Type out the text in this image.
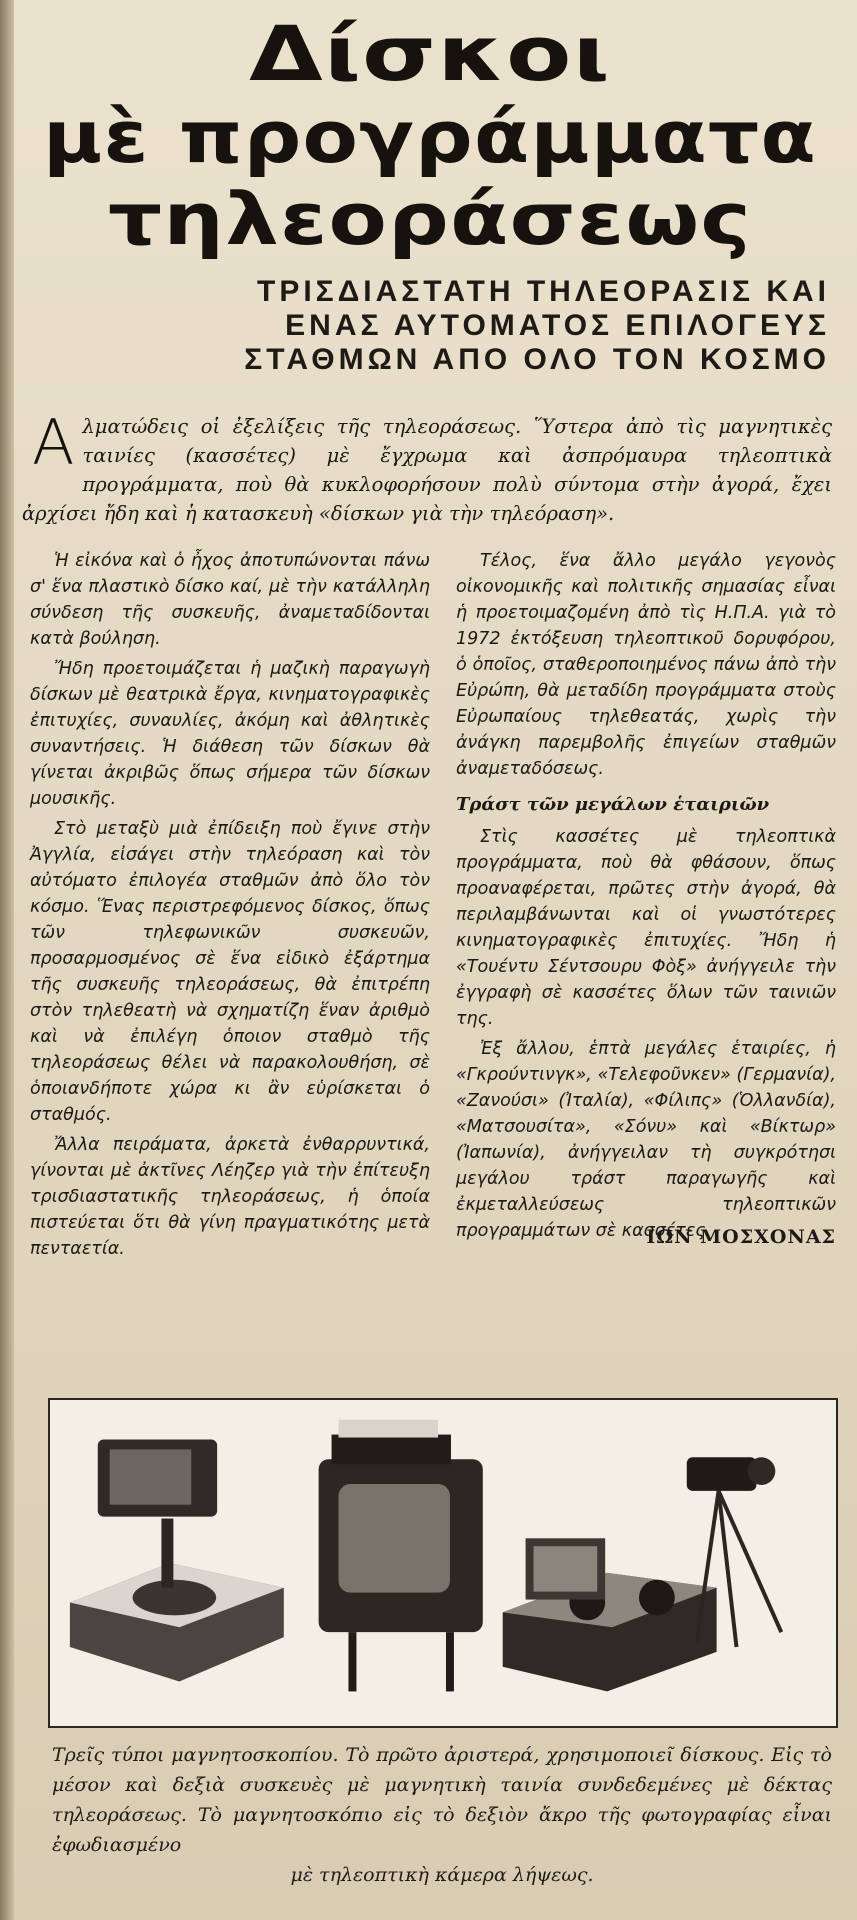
Δίσκοι
μὲ προγράμματα
τηλεοράσεως
ΤΡΙΣΔΙΑΣΤΑΤΗ ΤΗΛΕΟΡΑΣΙΣ ΚΑΙ
ΕΝΑΣ ΑΥΤΟΜΑΤΟΣ ΕΠΙΛΟΓΕΥΣ
ΣΤΑΘΜΩΝ ΑΠΟ ΟΛΟ ΤΟΝ ΚΟΣΜΟ
Α λματώδεις οἱ ἐξελίξεις τῆς τηλεοράσεως. Ὕστερα ἀπὸ τὶς μαγνητικὲς ταινίες (κασσέτες) μὲ ἔγχρωμα καὶ ἀσπρόμαυρα τηλεοπτικὰ προγράμματα, ποὺ θὰ κυκλοφορήσουν πολὺ σύντομα στὴν ἀγορά, ἔχει ἀρχίσει ἤδη καὶ ἡ κατασκευὴ «δίσκων γιὰ τὴν τηλεόραση».

Ἡ εἰκόνα καὶ ὁ ἦχος ἀποτυπώνονται πάνω σ' ἕνα πλαστικὸ δίσκο καί, μὲ τὴν κατάλληλη σύνδεση τῆς συσκευῆς, ἀναμεταδίδονται κατὰ βούληση.

Ἤδη προετοιμάζεται ἡ μαζικὴ παραγωγὴ δίσκων μὲ θεατρικὰ ἔργα, κινηματογραφικὲς ἐπιτυχίες, συναυλίες, ἀκόμη καὶ ἀθλητικὲς συναντήσεις. Ἡ διάθεση τῶν δίσκων θὰ γίνεται ἀκριβῶς ὅπως σήμερα τῶν δίσκων μουσικῆς.

Στὸ μεταξὺ μιὰ ἐπίδειξη ποὺ ἔγινε στὴν Ἀγγλία, εἰσάγει στὴν τηλεόραση καὶ τὸν αὐτόματο ἐπιλογέα σταθμῶν ἀπὸ ὅλο τὸν κόσμο. Ἕνας περιστρεφόμενος δίσκος, ὅπως τῶν τηλεφωνικῶν συσκευῶν, προσαρμοσμένος σὲ ἕνα εἰδικὸ ἐξάρτημα τῆς συσκευῆς τηλεοράσεως, θὰ ἐπιτρέπη στὸν τηλεθεατὴ νὰ σχηματίζη ἕναν ἀριθμὸ καὶ νὰ ἐπιλέγη ὁποιον σταθμὸ τῆς τηλεοράσεως θέλει νὰ παρακολουθήση, σὲ ὁποιανδήποτε χώρα κι ἂν εὑρίσκεται ὁ σταθμός.

Ἄλλα πειράματα, ἀρκετὰ ἐνθαρρυντικά, γίνονται μὲ ἀκτῖνες Λέηζερ γιὰ τὴν ἐπίτευξη τρισδιαστατικῆς τηλεοράσεως, ἡ ὁποία πιστεύεται ὅτι θὰ γίνη πραγματικότης μετὰ πενταετία.

Τέλος, ἕνα ἄλλο μεγάλο γεγονὸς οἰκονομικῆς καὶ πολιτικῆς σημασίας εἶναι ἡ προετοιμαζομένη ἀπὸ τὶς Η.Π.Α. γιὰ τὸ 1972 ἐκτόξευση τηλεοπτικοῦ δορυφόρου, ὁ ὁποῖος, σταθεροποιημένος πάνω ἀπὸ τὴν Εὐρώπη, θὰ μεταδίδη προγράμματα στοὺς Εὐρωπαίους τηλεθεατάς, χωρὶς τὴν ἀνάγκη παρεμβολῆς ἐπιγείων σταθμῶν ἀναμεταδόσεως.

Τράστ τῶν μεγάλων ἑταιριῶν

Στὶς κασσέτες μὲ τηλεοπτικὰ προγράμματα, ποὺ θὰ φθάσουν, ὅπως προαναφέρεται, πρῶτες στὴν ἀγορά, θὰ περιλαμβάνωνται καὶ οἱ γνωστότερες κινηματογραφικὲς ἐπιτυχίες. Ἤδη ἡ «Τουέντυ Σέντσουρυ Φὸξ» ἀνήγγειλε τὴν ἐγγραφὴ σὲ κασσέτες ὅλων τῶν ταινιῶν της.

Ἐξ ἄλλου, ἑπτὰ μεγάλες ἑταιρίες, ἡ «Γκρούντινγκ», «Τελεφοῦνκεν» (Γερμανία), «Ζανούσι» (Ἰταλία), «Φίλιπς» (Ὁλλανδία), «Ματσουσίτα», «Σόνυ» καὶ «Βίκτωρ» (Ἰαπωνία), ἀνήγγειλαν τὴ συγκρότησι μεγάλου τράστ παραγωγῆς καὶ ἐκμεταλλεύσεως τηλεοπτικῶν προγραμμάτων σὲ κασσέτες.

ΙΩΝ ΜΟΣΧΟΝΑΣ
Τρεῖς τύποι μαγνητοσκοπίου. Τὸ πρῶτο ἀριστερά, χρησιμοποιεῖ δίσκους. Εἰς τὸ μέσον καὶ δεξιὰ συσκευὲς μὲ μαγνητικὴ ταινία συνδεδεμένες μὲ δέκτας τηλεοράσεως. Τὸ μαγνητοσκόπιο εἰς τὸ δεξιὸν ἄκρο τῆς φωτογραφίας εἶναι ἐφωδιασμένο
μὲ τηλεοπτικὴ κάμερα λήψεως.
